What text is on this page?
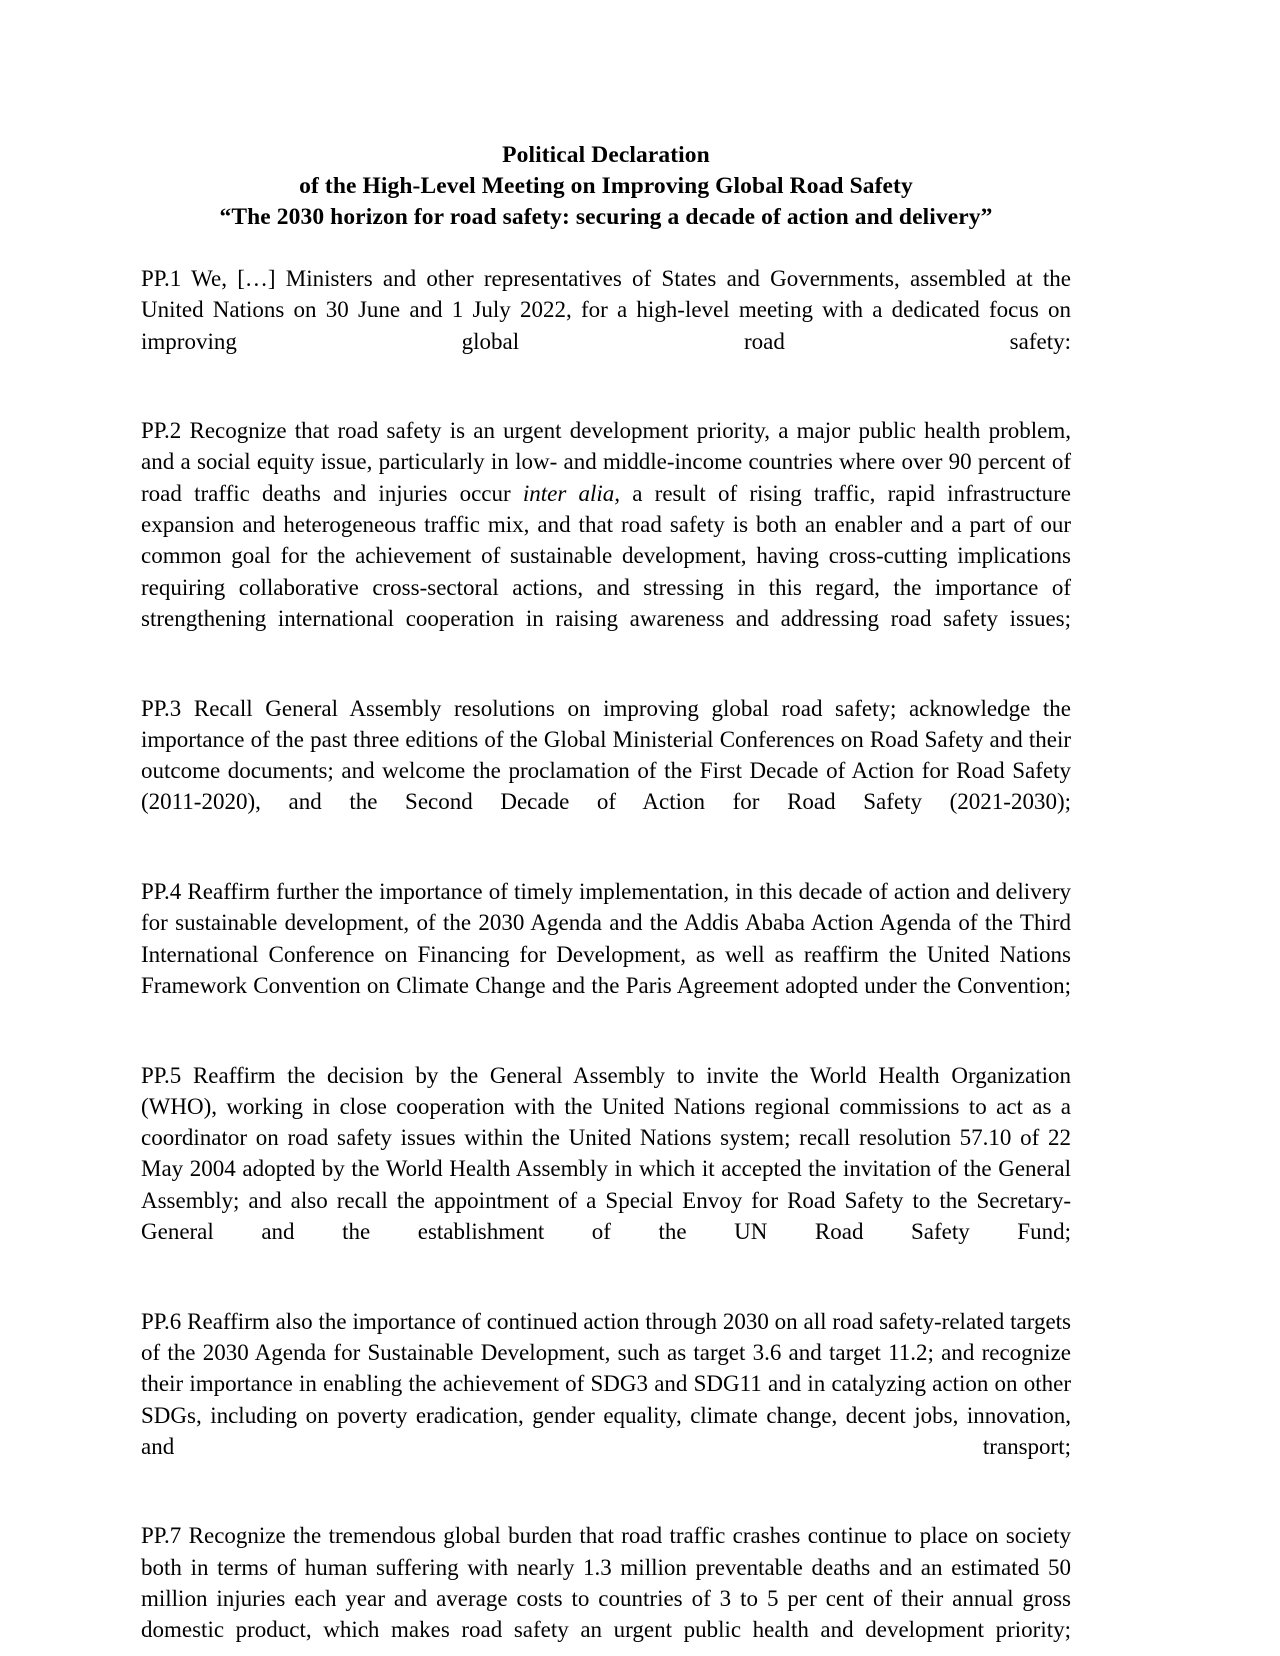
Political Declaration
of the High-Level Meeting on Improving Global Road Safety
“The 2030 horizon for road safety: securing a decade of action and delivery”

PP.1 We, […] Ministers and other representatives of States and Governments, assembled at the United Nations on 30 June and 1 July 2022, for a high-level meeting with a dedicated focus on improving global road safety:

PP.2 Recognize that road safety is an urgent development priority, a major public health problem, and a social equity issue, particularly in low- and middle-income countries where over 90 percent of road traffic deaths and injuries occur inter alia, a result of rising traffic, rapid infrastructure expansion and heterogeneous traffic mix, and that road safety is both an enabler and a part of our common goal for the achievement of sustainable development, having cross-cutting implications requiring collaborative cross-sectoral actions, and stressing in this regard, the importance of strengthening international cooperation in raising awareness and addressing road safety issues;

PP.3 Recall General Assembly resolutions on improving global road safety; acknowledge the importance of the past three editions of the Global Ministerial Conferences on Road Safety and their outcome documents; and welcome the proclamation of the First Decade of Action for Road Safety (2011-2020), and the Second Decade of Action for Road Safety (2021-2030);

PP.4 Reaffirm further the importance of timely implementation, in this decade of action and delivery for sustainable development, of the 2030 Agenda and the Addis Ababa Action Agenda of the Third International Conference on Financing for Development, as well as reaffirm the United Nations Framework Convention on Climate Change and the Paris Agreement adopted under the Convention;

PP.5 Reaffirm the decision by the General Assembly to invite the World Health Organization (WHO), working in close cooperation with the United Nations regional commissions to act as a coordinator on road safety issues within the United Nations system; recall resolution 57.10 of 22 May 2004 adopted by the World Health Assembly in which it accepted the invitation of the General Assembly; and also recall the appointment of a Special Envoy for Road Safety to the Secretary-General and the establishment of the UN Road Safety Fund;

PP.6 Reaffirm also the importance of continued action through 2030 on all road safety-related targets of the 2030 Agenda for Sustainable Development, such as target 3.6 and target 11.2; and recognize their importance in enabling the achievement of SDG3 and SDG11 and in catalyzing action on other SDGs, including on poverty eradication, gender equality, climate change, decent jobs, innovation, and transport;

PP.7 Recognize the tremendous global burden that road traffic crashes continue to place on society both in terms of human suffering with nearly 1.3 million preventable deaths and an estimated 50 million injuries each year and average costs to countries of 3 to 5 per cent of their annual gross domestic product, which makes road safety an urgent public health and development priority;
